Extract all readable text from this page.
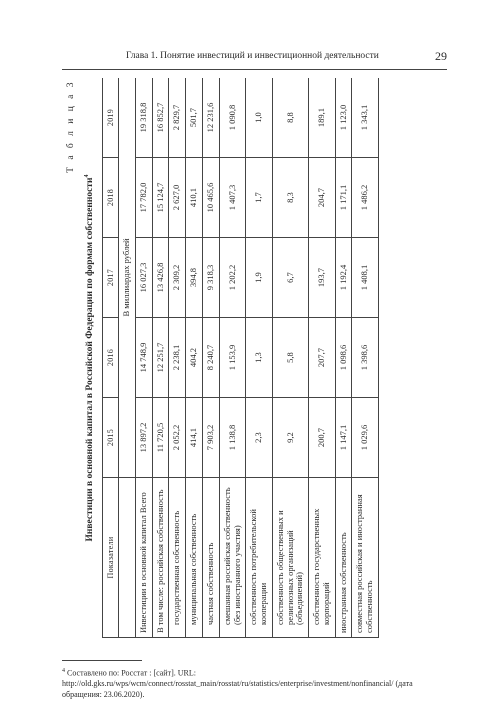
Глава 1. Понятие инвестиций и инвестиционной деятельности	29
Т а б л и ц а 3
Инвестиции в основной капитал в Российской Федерации по формам собственности$^4$
Показатели	2015	2016	2017	2018	2019
	В миллиардах рублей				
Инвестиции в основной капитал Всего	13 897,2	14 748,9	16 027,3	17 782,0	19 318,8
В том числе: российская собственность	11 720,5	12 251,7	13 426,8	15 124,7	16 852,7
государственная собственность	2 052,2	2 238,1	2 309,2	2 627,0	2 829,7
муниципальная собственность	414,1	404,2	394,8	410,1	501,7
частная собственность	7 903,2	8 240,7	9 318,3	10 465,6	12 231,6
смешанная российская собственность (без иностранного участия)	1 138,8	1 153,9	1 202,2	1 407,3	1 090,8
собственность потребительской кооперации	2,3	1,3	1,9	1,7	1,0
собственность общественных и религиозных организаций (объединений)	9,2	5,8	6,7	8,3	8,8
собственность государственных корпораций	200,7	207,7	193,7	204,7	189,1
иностранная собственность	1 147,1	1 098,6	1 192,4	1 171,1	1 123,0
совместная российская и иностранная собственность	1 029,6	1 398,6	1 408,1	1 486,2	1 343,1
$^4$ Составлено по: Росстат : [сайт]. URL: http://old.gks.ru/wps/wcm/connect/rosstat_main/rosstat/ru/statistics/enterprise/investment/nonfinancial/ (дата обращения: 23.06.2020).
